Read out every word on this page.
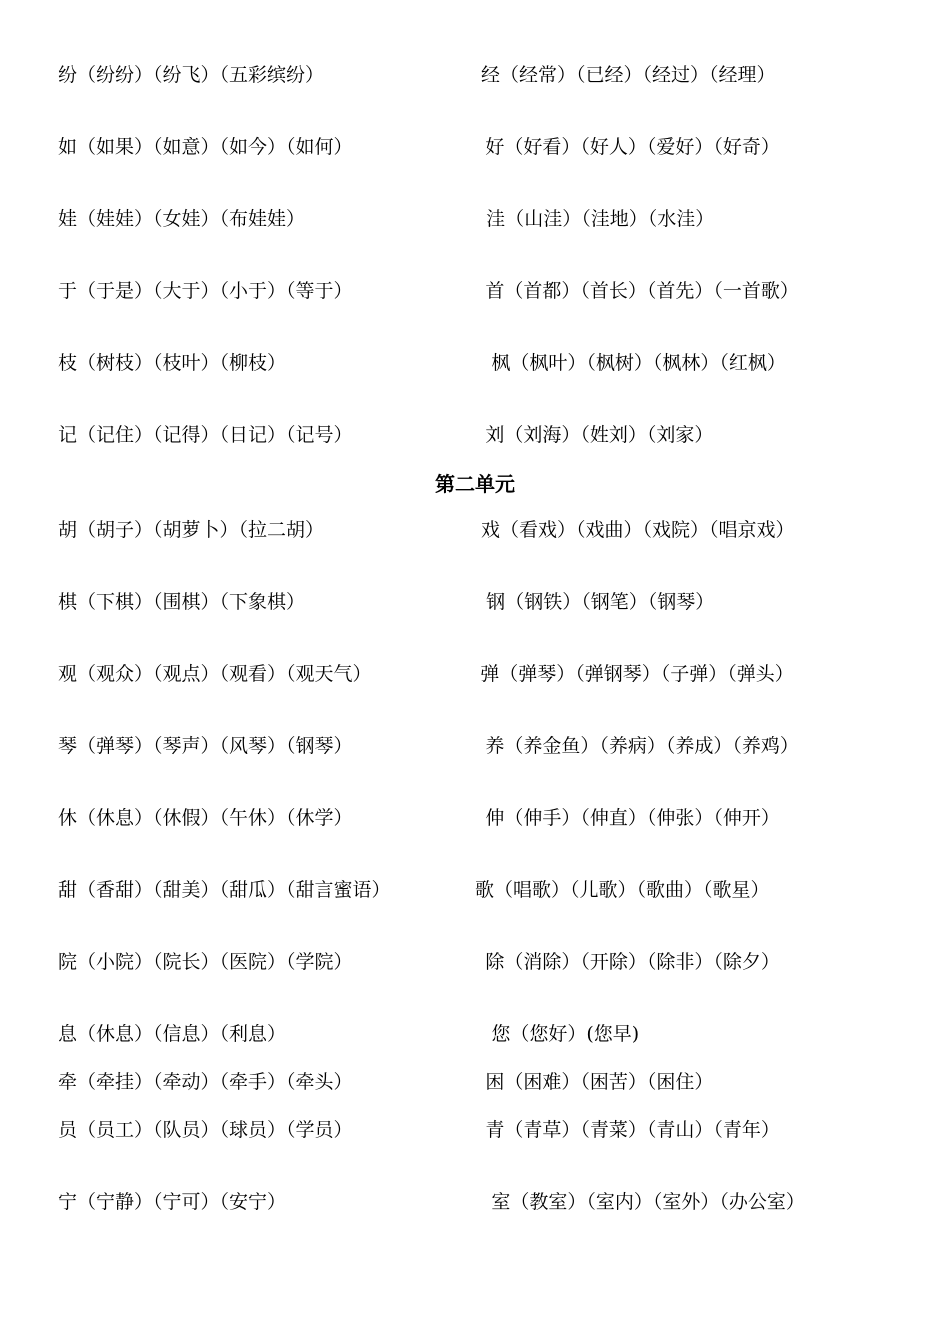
纷（纷纷）（纷飞）（五彩缤纷）                          经（经常）（已经）（经过）（经理）

如（如果）（如意）（如今）（如何）                      好（好看）（好人）（爱好）（好奇）

娃（娃娃）（女娃）（布娃娃）                              洼（山洼）（洼地）（水洼）

于（于是）（大于）（小于）（等于）                      首（首都）（首长）（首先）（一首歌）

枝（树枝）（枝叶）（柳枝）                                  枫（枫叶）（枫树）（枫林）（红枫）

记（记住）（记得）（日记）（记号）                      刘（刘海）（姓刘）（刘家）

第二单元

胡（胡子）（胡萝卜）（拉二胡）                          戏（看戏）（戏曲）（戏院）（唱京戏）

棋（下棋）（围棋）（下象棋）                              钢（钢铁）（钢笔）（钢琴）

观（观众）（观点）（观看）（观天气）                  弹（弹琴）（弹钢琴）（子弹）（弹头）

琴（弹琴）（琴声）（风琴）（钢琴）                      养（养金鱼）（养病）（养成）（养鸡）

休（休息）（休假）（午休）（休学）                      伸（伸手）（伸直）（伸张）（伸开）

甜（香甜）（甜美）（甜瓜）（甜言蜜语）              歌（唱歌）（儿歌）（歌曲）（歌星）

院（小院）（院长）（医院）（学院）                      除（消除）（开除）（除非）（除夕）

息（休息）（信息）（利息）                                  您（您好）(您早)

牵（牵挂）（牵动）（牵手）（牵头）                      困（困难）（困苦）（困住）

员（员工）（队员）（球员）（学员）                      青（青草）（青菜）（青山）（青年）

宁（宁静）（宁可）（安宁）                                  室（教室）（室内）（室外）（办公室）
